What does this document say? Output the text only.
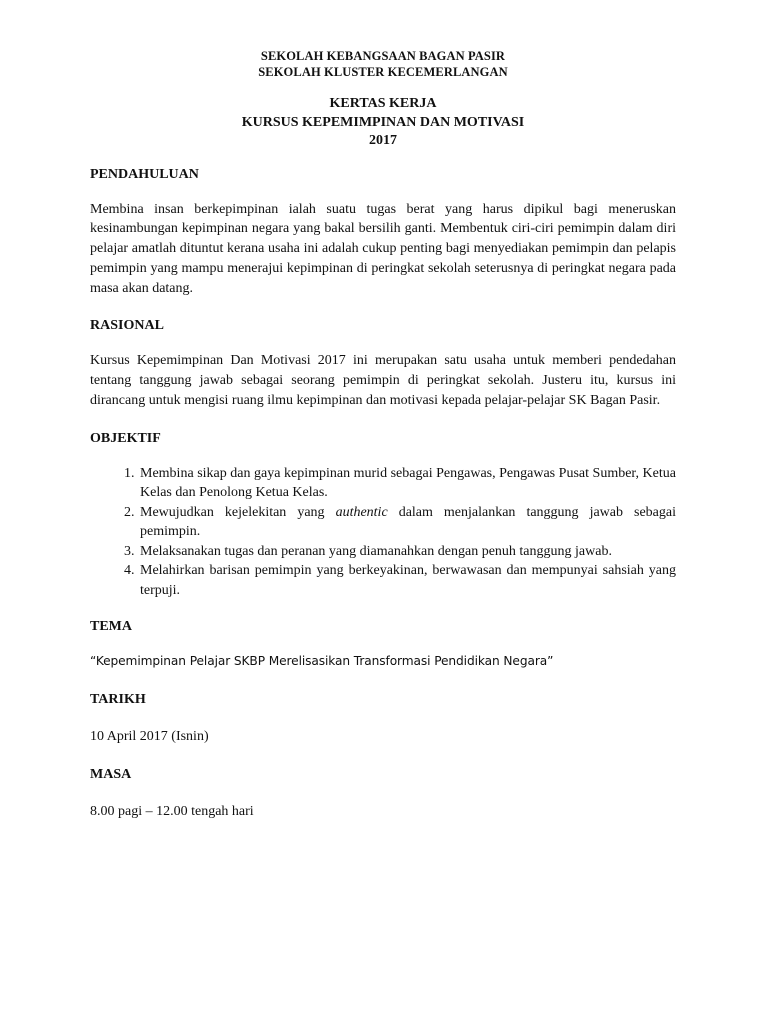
SEKOLAH KEBANGSAAN BAGAN PASIR
SEKOLAH KLUSTER KECEMERLANGAN
KERTAS KERJA
KURSUS KEPEMIMPINAN DAN MOTIVASI
2017
PENDAHULUAN

Membina insan berkepimpinan ialah suatu tugas berat yang harus dipikul bagi meneruskan kesinambungan kepimpinan negara yang bakal bersilih ganti. Membentuk ciri-ciri pemimpin dalam diri pelajar amatlah dituntut kerana usaha ini adalah cukup penting bagi menyediakan pemimpin dan pelapis pemimpin yang mampu menerajui kepimpinan di peringkat sekolah seterusnya di peringkat negara pada masa akan datang.

RASIONAL

Kursus Kepemimpinan Dan Motivasi 2017 ini merupakan satu usaha untuk memberi pendedahan tentang tanggung jawab sebagai seorang pemimpin di peringkat sekolah. Justeru itu, kursus ini dirancang untuk mengisi ruang ilmu kepimpinan dan motivasi kepada pelajar-pelajar SK Bagan Pasir.

OBJEKTIF
1. Membina sikap dan gaya kepimpinan murid sebagai Pengawas, Pengawas Pusat Sumber, Ketua Kelas dan Penolong Ketua Kelas.
2. Mewujudkan kejelekitan yang authentic dalam menjalankan tanggung jawab sebagai pemimpin.
3. Melaksanakan tugas dan peranan yang diamanahkan dengan penuh tanggung jawab.
4. Melahirkan barisan pemimpin yang berkeyakinan, berwawasan dan mempunyai sahsiah yang terpuji.
TEMA

“Kepemimpinan Pelajar SKBP Merelisasikan Transformasi Pendidikan Negara”

TARIKH

10 April 2017 (Isnin)

MASA

8.00 pagi – 12.00 tengah hari
